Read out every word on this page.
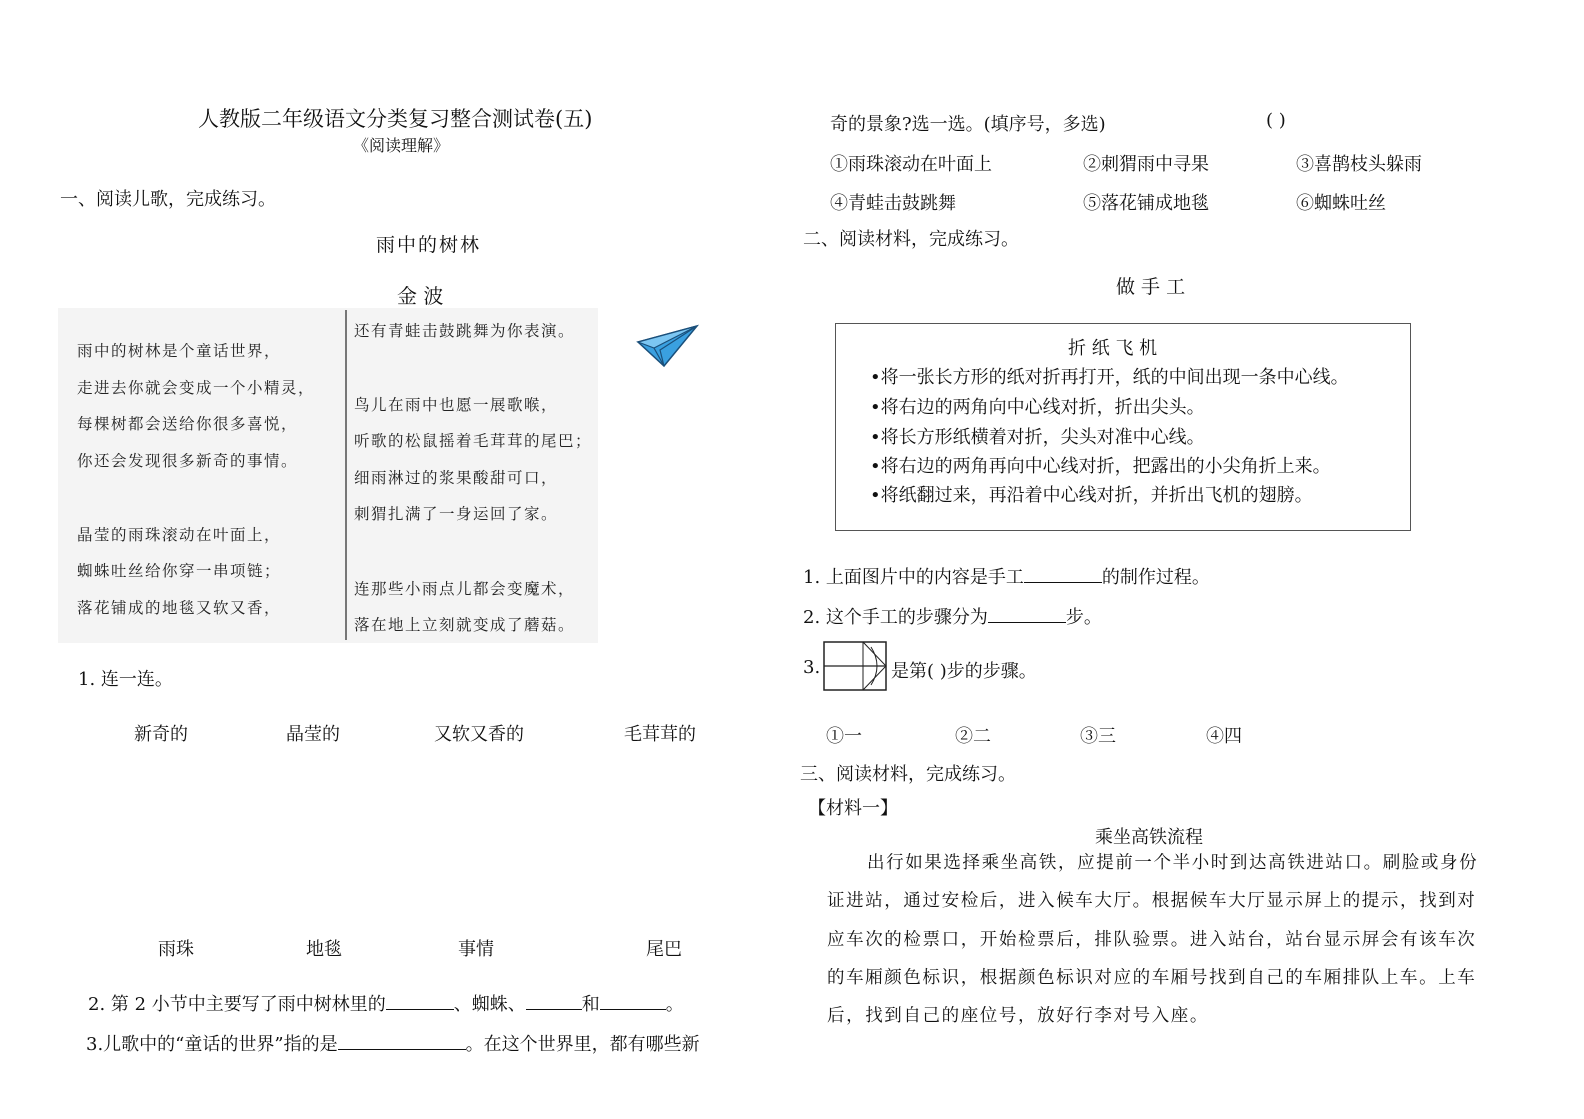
人教版二年级语文分类复习整合测试卷(五)
《阅读理解》
一、阅读儿歌，完成练习。
雨中的树林
金 波
雨中的树林是个童话世界，
走进去你就会变成一个小精灵，
每棵树都会送给你很多喜悦，
你还会发现很多新奇的事情。
晶莹的雨珠滚动在叶面上，
蜘蛛吐丝给你穿一串项链；
落花铺成的地毯又软又香，
还有青蛙击鼓跳舞为你表演。
鸟儿在雨中也愿一展歌喉，
听歌的松鼠摇着毛茸茸的尾巴；
细雨淋过的浆果酸甜可口，
刺猬扎满了一身运回了家。
连那些小雨点儿都会变魔术，
落在地上立刻就变成了蘑菇。
1. 连一连。
新奇的	晶莹的	又软又香的	毛茸茸的
雨珠	地毯	事情	尾巴
2. 第 2 小节中主要写了雨中树林里的	、蜘蛛、	和	。
3.儿歌中的“童话的世界”指的是	。在这个世界里，都有哪些新
奇的景象?选一选。(填序号，多选)	( )
①雨珠滚动在叶面上	②刺猬雨中寻果	③喜鹊枝头躲雨
④青蛙击鼓跳舞	⑤落花铺成地毯	⑥蜘蛛吐丝
二、阅读材料，完成练习。
做 手 工
折 纸 飞 机
•将一张长方形的纸对折再打开，纸的中间出现一条中心线。
•将右边的两角向中心线对折，折出尖头。
•将长方形纸横着对折，尖头对准中心线。
•将右边的两角再向中心线对折，把露出的小尖角折上来。
•将纸翻过来，再沿着中心线对折，并折出飞机的翅膀。
1. 上面图片中的内容是手工	的制作过程。
2. 这个手工的步骤分为	步。
3.	是第( )步的步骤。
①一	②二	③三	④四
三、阅读材料，完成练习。
【材料一】
乘坐高铁流程
出行如果选择乘坐高铁，应提前一个半小时到达高铁进站口。刷脸或身份
证进站，通过安检后，进入候车大厅。根据候车大厅显示屏上的提示，找到对
应车次的检票口，开始检票后，排队验票。进入站台，站台显示屏会有该车次
的车厢颜色标识，根据颜色标识对应的车厢号找到自己的车厢排队上车。上车
后，找到自己的座位号，放好行李对号入座。
